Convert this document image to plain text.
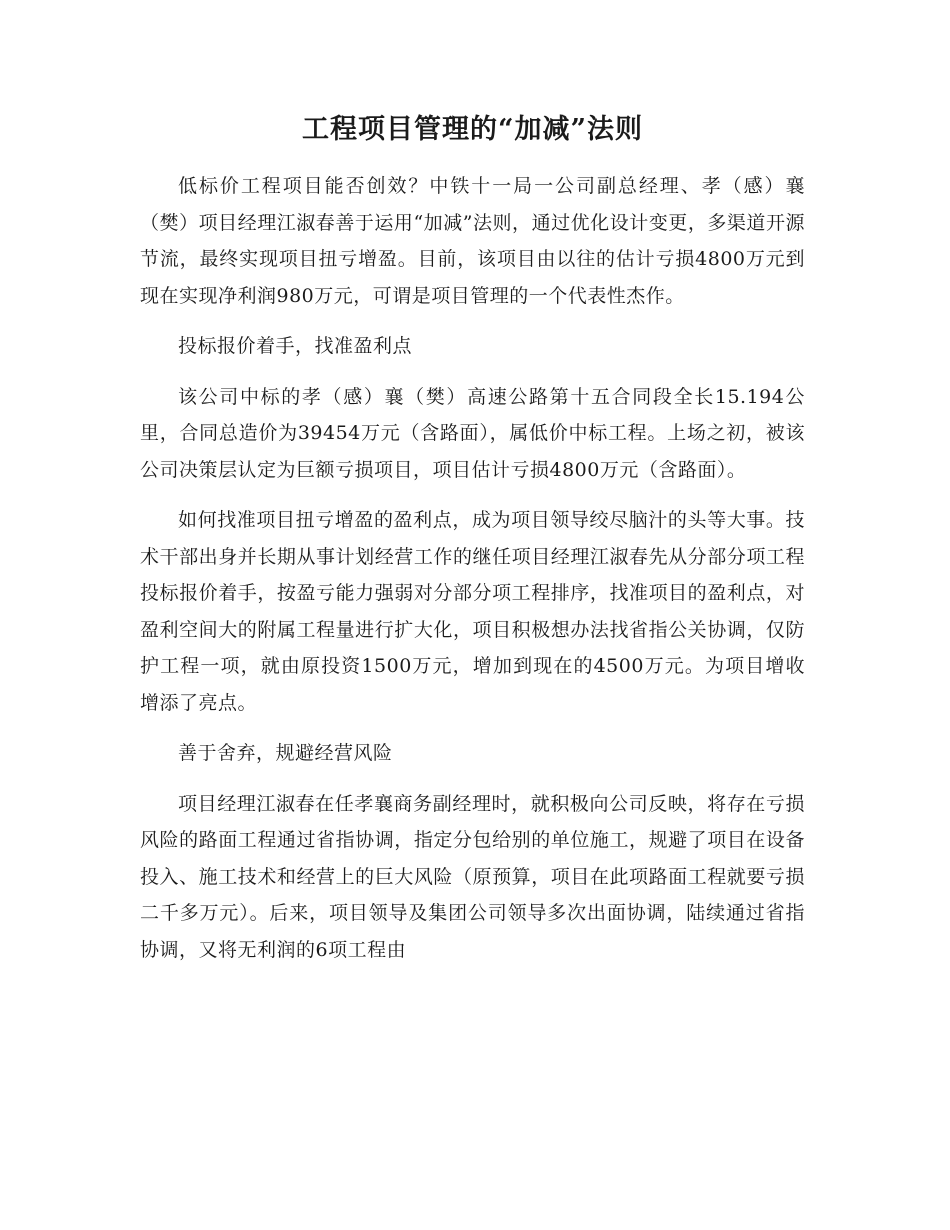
工程项目管理的“加减”法则

低标价工程项目能否创效？中铁十一局一公司副总经理、孝（感）襄（樊）项目经理江淑春善于运用“加减”法则，通过优化设计变更，多渠道开源节流，最终实现项目扭亏增盈。目前，该项目由以往的估计亏损4800万元到现在实现净利润980万元，可谓是项目管理的一个代表性杰作。

投标报价着手，找准盈利点

该公司中标的孝（感）襄（樊）高速公路第十五合同段全长15.194公里，合同总造价为39454万元（含路面），属低价中标工程。上场之初，被该公司决策层认定为巨额亏损项目，项目估计亏损4800万元（含路面）。

如何找准项目扭亏增盈的盈利点，成为项目领导绞尽脑汁的头等大事。技术干部出身并长期从事计划经营工作的继任项目经理江淑春先从分部分项工程投标报价着手，按盈亏能力强弱对分部分项工程排序，找准项目的盈利点，对盈利空间大的附属工程量进行扩大化，项目积极想办法找省指公关协调，仅防护工程一项，就由原投资1500万元，增加到现在的4500万元。为项目增收增添了亮点。

善于舍弃，规避经营风险

项目经理江淑春在任孝襄商务副经理时，就积极向公司反映，将存在亏损风险的路面工程通过省指协调，指定分包给别的单位施工，规避了项目在设备投入、施工技术和经营上的巨大风险（原预算，项目在此项路面工程就要亏损二千多万元）。后来，项目领导及集团公司领导多次出面协调，陆续通过省指协调，又将无利润的6项工程由
